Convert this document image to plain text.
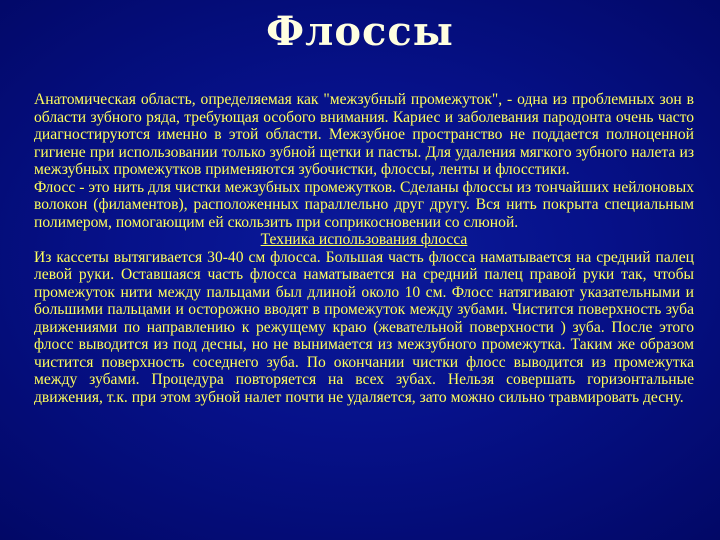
Флоссы

Анатомическая область, определяемая как "межзубный промежуток", - одна из проблемных зон в области зубного ряда, требующая особого внимания. Кариес и заболевания пародонта очень часто диагностируются именно в этой области. Межзубное пространство не поддается полноценной гигиене при использовании только зубной щетки и пасты. Для удаления мягкого зубного налета из межзубных промежутков применяются зубочистки, флоссы, ленты и флосстики.

Флосс - это нить для чистки межзубных промежутков. Сделаны флоссы из тончайших нейлоновых волокон (филаментов), расположенных параллельно друг другу. Вся нить покрыта специальным полимером, помогающим ей скользить при соприкосновении со слюной.

Техника использования флосса

Из кассеты вытягивается 30-40 см флосса. Большая часть флосса наматывается на средний палец левой руки. Оставшаяся часть флосса наматывается на средний палец правой руки так, чтобы промежуток нити между пальцами был длиной около 10 см. Флосс натягивают указательными и большими пальцами и осторожно вводят в промежуток между зубами. Чистится поверхность зуба движениями по направлению к режущему краю (жевательной поверхности ) зуба. После этого флосс выводится из под десны, но не вынимается из межзубного промежутка. Таким же образом чистится поверхность соседнего зуба. По окончании чистки флосс выводится из промежутка между зубами. Процедура повторяется на всех зубах. Нельзя совершать горизонтальные движения, т.к. при этом зубной налет почти не удаляется, зато можно сильно травмировать десну.
